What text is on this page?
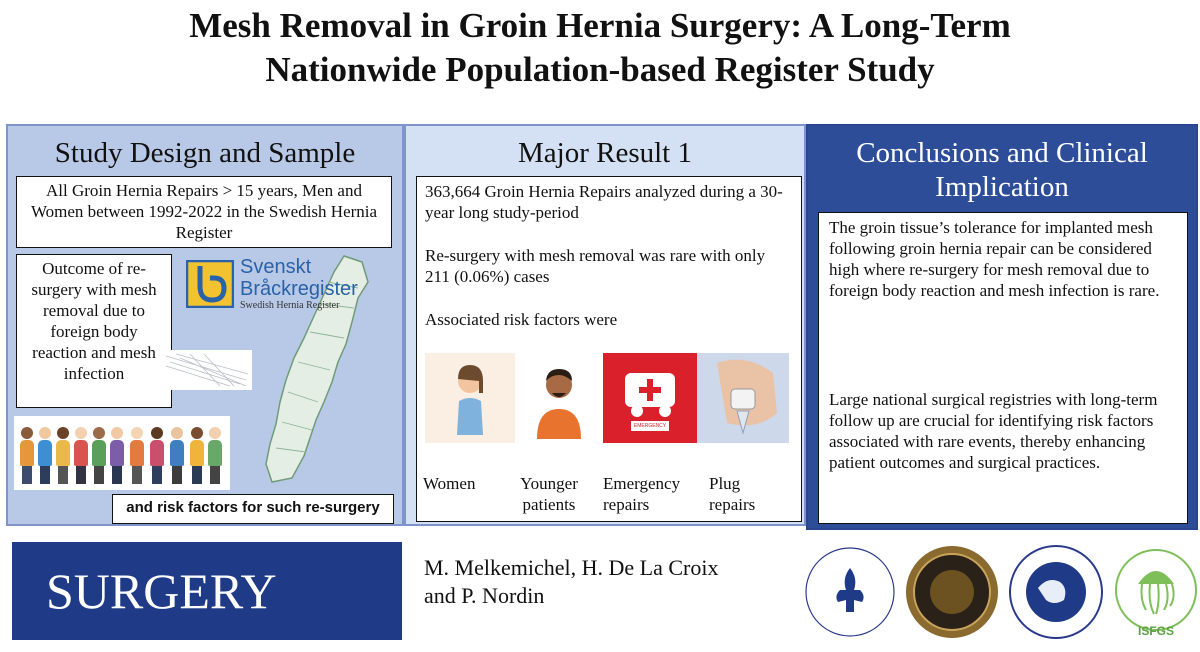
Mesh Removal in Groin Hernia Surgery: A Long-Term
Nationwide Population-based Register Study
Study Design and Sample
All Groin Hernia Repairs > 15 years, Men and Women between 1992-2022 in the Swedish Hernia Register
Outcome of re-surgery with mesh removal due to foreign body reaction and mesh infection
Svenskt
Bråckregister
Swedish Hernia Register
and risk factors for such re-surgery
Major Result 1
363,664 Groin Hernia Repairs analyzed during a 30-year long study-period
Re-surgery with mesh removal was rare with only 211 (0.06%) cases
Associated risk factors were
EMERGENCY
Women	Younger patients
Emergency repairs
Plug repairs
Conclusions and Clinical Implication
The groin tissue’s tolerance for implanted mesh following groin hernia repair can be considered high where re-surgery for mesh removal due to foreign body reaction and mesh infection is rare.
Large national surgical registries with long-term follow up are crucial for identifying risk factors associated with rare events, thereby enhancing patient outcomes and surgical practices.
SURGERY	M. Melkemichel, H. De La Croix
and P. Nordin
ISFGS
